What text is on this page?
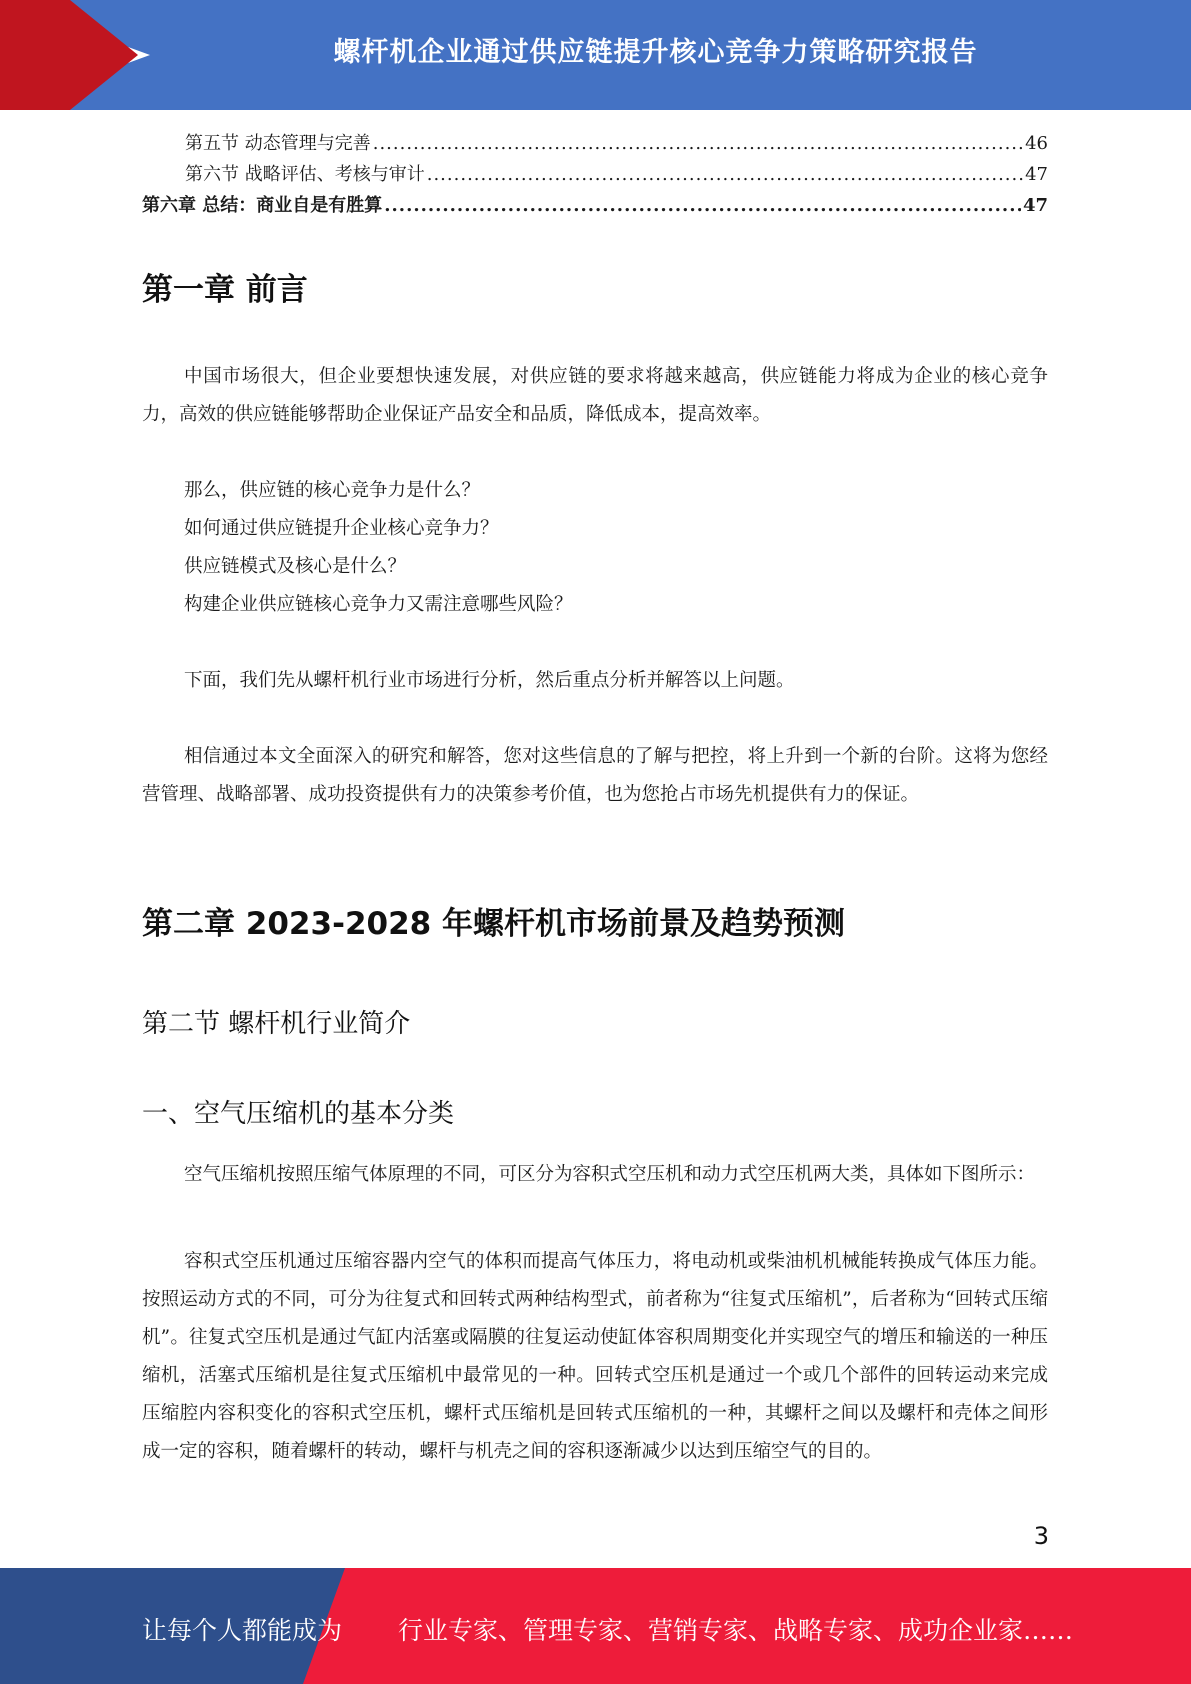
螺杆机企业通过供应链提升核心竞争力策略研究报告
第五节 动态管理与完善 .....	46
第六节 战略评估、考核与审计 .....	47
第六章 总结：商业自是有胜算 .....	47
第一章 前言

中国市场很大，但企业要想快速发展，对供应链的要求将越来越高，供应链能力将成为企业的核心竞争力，高效的供应链能够帮助企业保证产品安全和品质，降低成本，提高效率。

那么，供应链的核心竞争力是什么？
如何通过供应链提升企业核心竞争力？
供应链模式及核心是什么？
构建企业供应链核心竞争力又需注意哪些风险？

下面，我们先从螺杆机行业市场进行分析，然后重点分析并解答以上问题。

相信通过本文全面深入的研究和解答，您对这些信息的了解与把控，将上升到一个新的台阶。这将为您经营管理、战略部署、成功投资提供有力的决策参考价值，也为您抢占市场先机提供有力的保证。

第二章 2023-2028 年螺杆机市场前景及趋势预测
第二节 螺杆机行业简介
一、空气压缩机的基本分类

空气压缩机按照压缩气体原理的不同，可区分为容积式空压机和动力式空压机两大类，具体如下图所示：

容积式空压机通过压缩容器内空气的体积而提高气体压力，将电动机或柴油机机械能转换成气体压力能。按照运动方式的不同，可分为往复式和回转式两种结构型式，前者称为“往复式压缩机”，后者称为“回转式压缩机”。往复式空压机是通过气缸内活塞或隔膜的往复运动使缸体容积周期变化并实现空气的增压和输送的一种压缩机，活塞式压缩机是往复式压缩机中最常见的一种。回转式空压机是通过一个或几个部件的回转运动来完成压缩腔内容积变化的容积式空压机，螺杆式压缩机是回转式压缩机的一种，其螺杆之间以及螺杆和壳体之间形成一定的容积，随着螺杆的转动，螺杆与机壳之间的容积逐渐减少以达到压缩空气的目的。

3
让每个人都能成为 行业专家、管理专家、营销专家、战略专家、成功企业家……
